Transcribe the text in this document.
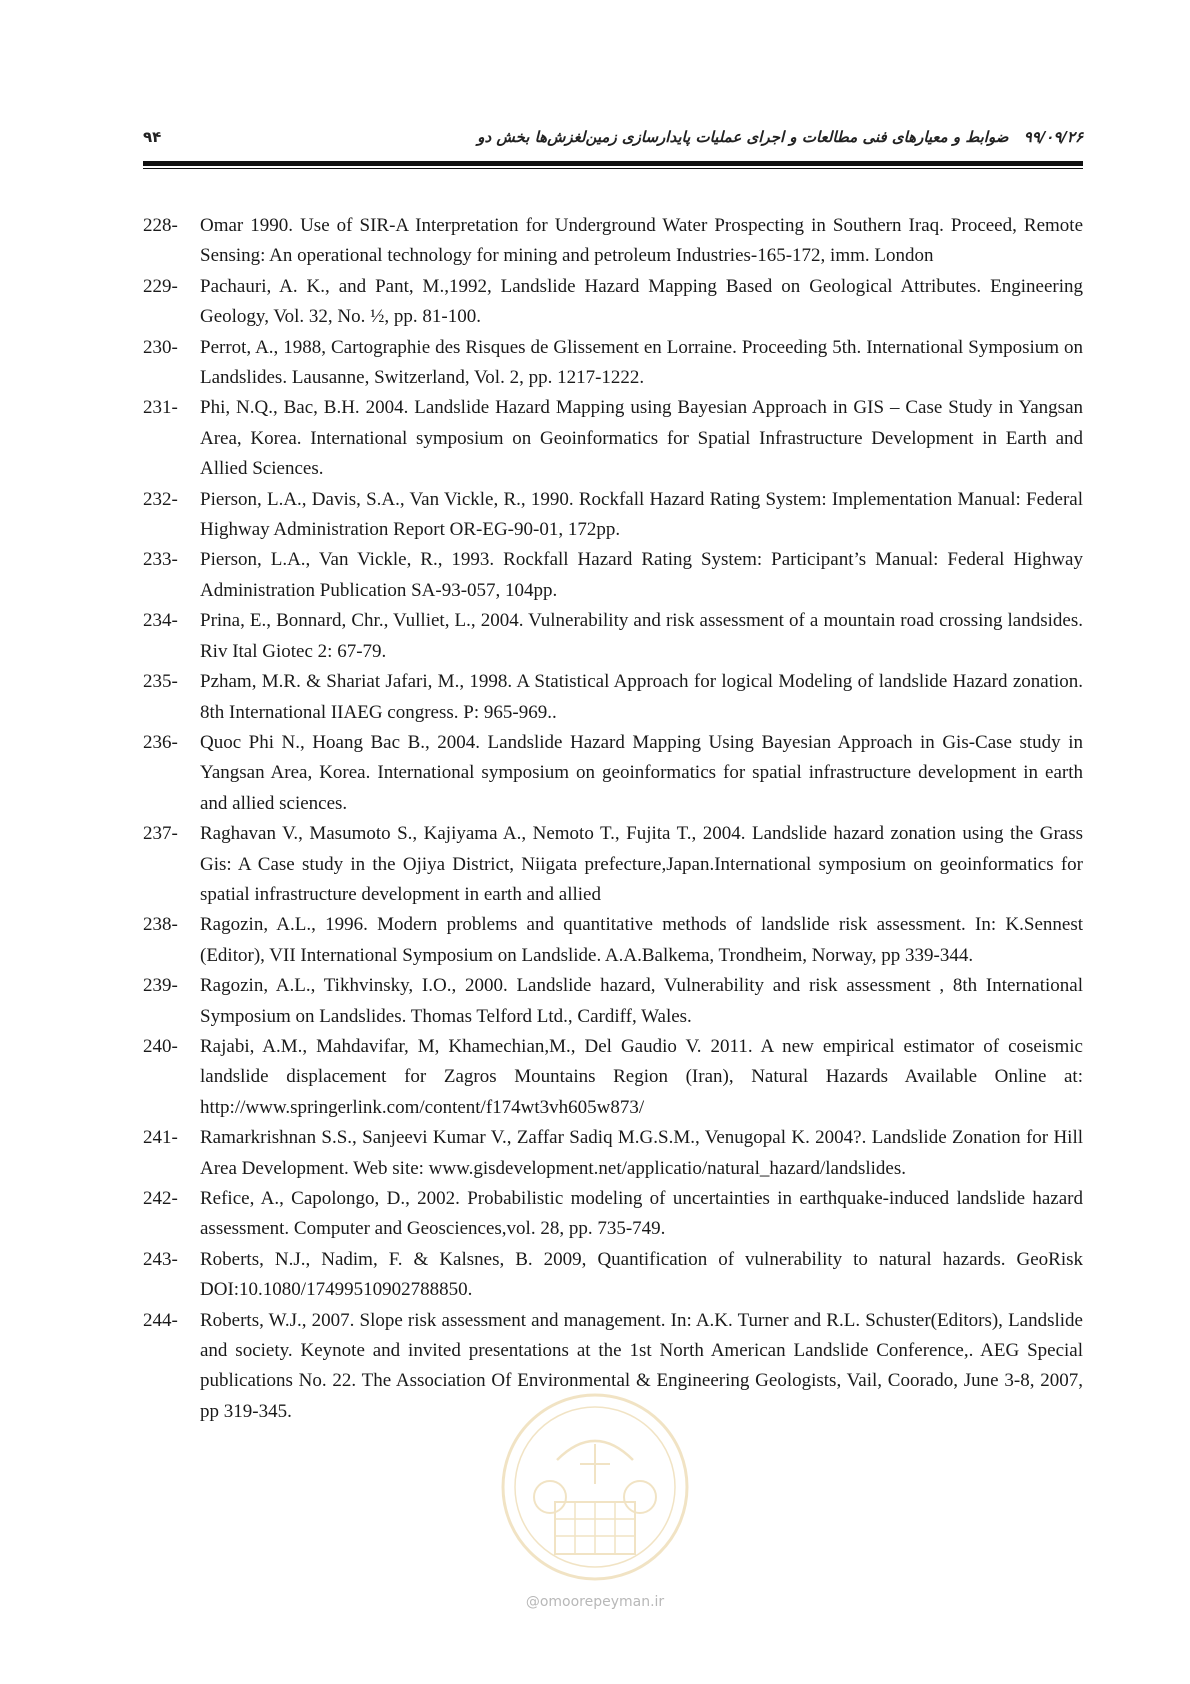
۹۴	۹۹/۰۹/۲۶ ضوابط و معیارهای فنی مطالعات و اجرای عملیات پایدارسازی زمین‌لغزش‌ها بخش دو
228- Omar 1990. Use of SIR-A Interpretation for Underground Water Prospecting in Southern Iraq. Proceed, Remote Sensing: An operational technology for mining and petroleum Industries-165-172, imm. London

229- Pachauri, A. K., and Pant, M.,1992, Landslide Hazard Mapping Based on Geological Attributes. Engineering Geology, Vol. 32, No. ½, pp. 81-100.

230- Perrot, A., 1988, Cartographie des Risques de Glissement en Lorraine. Proceeding 5th. International Symposium on Landslides. Lausanne, Switzerland, Vol. 2, pp. 1217-1222.

231- Phi, N.Q., Bac, B.H. 2004. Landslide Hazard Mapping using Bayesian Approach in GIS – Case Study in Yangsan Area, Korea. International symposium on Geoinformatics for Spatial Infrastructure Development in Earth and Allied Sciences.

232- Pierson, L.A., Davis, S.A., Van Vickle, R., 1990. Rockfall Hazard Rating System: Implementation Manual: Federal Highway Administration Report OR-EG-90-01, 172pp.

233- Pierson, L.A., Van Vickle, R., 1993. Rockfall Hazard Rating System: Participant’s Manual: Federal Highway Administration Publication SA-93-057, 104pp.

234- Prina, E., Bonnard, Chr., Vulliet, L., 2004. Vulnerability and risk assessment of a mountain road crossing landsides. Riv Ital Giotec 2: 67-79.

235- Pzham, M.R. & Shariat Jafari, M., 1998. A Statistical Approach for logical Modeling of landslide Hazard zonation. 8th International IIAEG congress. P: 965-969..

236- Quoc Phi N., Hoang Bac B., 2004. Landslide Hazard Mapping Using Bayesian Approach in Gis-Case study in Yangsan Area, Korea. International symposium on geoinformatics for spatial infrastructure development in earth and allied sciences.

237- Raghavan V., Masumoto S., Kajiyama A., Nemoto T., Fujita T., 2004. Landslide hazard zonation using the Grass Gis: A Case study in the Ojiya District, Niigata prefecture,Japan.International symposium on geoinformatics for spatial infrastructure development in earth and allied

238- Ragozin, A.L., 1996. Modern problems and quantitative methods of landslide risk assessment. In: K.Sennest (Editor), VII International Symposium on Landslide. A.A.Balkema, Trondheim, Norway, pp 339-344.

239- Ragozin, A.L., Tikhvinsky, I.O., 2000. Landslide hazard, Vulnerability and risk assessment , 8th International Symposium on Landslides. Thomas Telford Ltd., Cardiff, Wales.

240- Rajabi, A.M., Mahdavifar, M, Khamechian,M., Del Gaudio V. 2011. A new empirical estimator of coseismic landslide displacement for Zagros Mountains Region (Iran), Natural Hazards Available Online at: http://www.springerlink.com/content/f174wt3vh605w873/

241- Ramarkrishnan S.S., Sanjeevi Kumar V., Zaffar Sadiq M.G.S.M., Venugopal K. 2004?. Landslide Zonation for Hill Area Development. Web site: www.gisdevelopment.net/applicatio/natural_hazard/landslides.

242- Refice, A., Capolongo, D., 2002. Probabilistic modeling of uncertainties in earthquake-induced landslide hazard assessment. Computer and Geosciences,vol. 28, pp. 735-749.

243- Roberts, N.J., Nadim, F. & Kalsnes, B. 2009, Quantification of vulnerability to natural hazards. GeoRisk DOI:10.1080/17499510902788850.

244- Roberts, W.J., 2007. Slope risk assessment and management. In: A.K. Turner and R.L. Schuster(Editors), Landslide and society. Keynote and invited presentations at the 1st North American Landslide Conference,. AEG Special publications No. 22. The Association Of Environmental & Engineering Geologists, Vail, Coorado, June 3-8, 2007, pp 319-345.

@omoorepeyman.ir
